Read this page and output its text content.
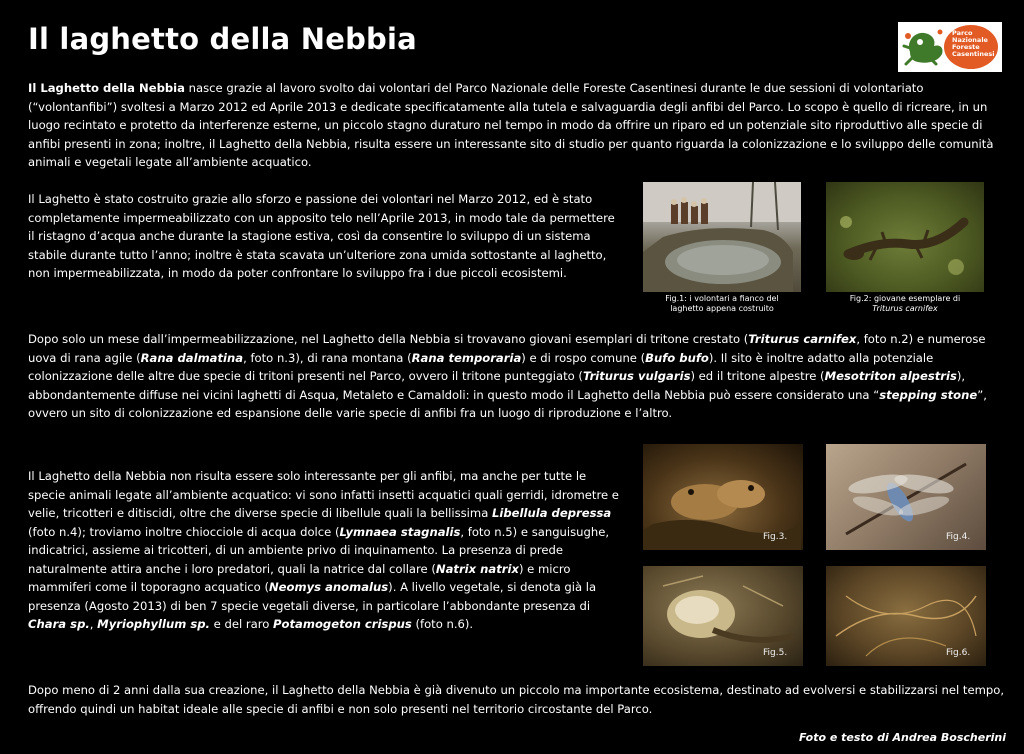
Il laghetto della Nebbia	Parco
Nazionale
Foreste
Casentinesi

Il Laghetto della Nebbia nasce grazie al lavoro svolto dai volontari del Parco Nazionale delle Foreste Casentinesi durante le due sessioni di volontariato (“volontanfibi”) svoltesi a Marzo 2012 ed Aprile 2013 e dedicate specificatamente alla tutela e salvaguardia degli anfibi del Parco. Lo scopo è quello di ricreare, in un luogo recintato e protetto da interferenze esterne, un piccolo stagno duraturo nel tempo in modo da offrire un riparo ed un potenziale sito riproduttivo alle specie di anfibi presenti in zona; inoltre, il Laghetto della Nebbia, risulta essere un interessante sito di studio per quanto riguarda la colonizzazione e lo sviluppo delle comunità animali e vegetali legate all’ambiente acquatico.

Il Laghetto è stato costruito grazie allo sforzo e passione dei volontari nel Marzo 2012, ed è stato completamente impermeabilizzato con un apposito telo nell’Aprile 2013, in modo tale da permettere il ristagno d’acqua anche durante la stagione estiva, così da consentire lo sviluppo di un sistema stabile durante tutto l’anno; inoltre è stata scavata un’ulteriore zona umida sottostante al laghetto, non impermeabilizzata, in modo da poter confrontare lo sviluppo fra i due piccoli ecosistemi.

Fig.1: i volontari a fianco del
laghetto appena costruito
Fig.2: giovane esemplare di
Triturus carnifex

Dopo solo un mese dall’impermeabilizzazione, nel Laghetto della Nebbia si trovavano giovani esemplari di tritone crestato (Triturus carnifex, foto n.2) e numerose uova di rana agile (Rana dalmatina, foto n.3), di rana montana (Rana temporaria) e di rospo comune (Bufo bufo). Il sito è inoltre adatto alla potenziale colonizzazione delle altre due specie di tritoni presenti nel Parco, ovvero il tritone punteggiato (Triturus vulgaris) ed il tritone alpestre (Mesotriton alpestris), abbondantemente diffuse nei vicini laghetti di Asqua, Metaleto e Camaldoli: in questo modo il Laghetto della Nebbia può essere considerato una “stepping stone”, ovvero un sito di colonizzazione ed espansione delle varie specie di anfibi fra un luogo di riproduzione e l’altro.

Il Laghetto della Nebbia non risulta essere solo interessante per gli anfibi, ma anche per tutte le specie animali legate all’ambiente acquatico: vi sono infatti insetti acquatici quali gerridi, idrometre e velie, tricotteri e ditiscidi, oltre che diverse specie di libellule quali la bellissima Libellula depressa (foto n.4); troviamo inoltre chiocciole di acqua dolce (Lymnaea stagnalis, foto n.5) e sanguisughe, indicatrici, assieme ai tricotteri, di un ambiente privo di inquinamento. La presenza di prede naturalmente attira anche i loro predatori, quali la natrice dal collare (Natrix natrix) e micro mammiferi come il toporagno acquatico (Neomys anomalus). A livello vegetale, si denota già la presenza (Agosto 2013) di ben 7 specie vegetali diverse, in particolare l’abbondante presenza di Chara sp., Myriophyllum sp. e del raro Potamogeton crispus (foto n.6).

Fig.3.	Fig.4.
Fig.5.	Fig.6.

Dopo meno di 2 anni dalla sua creazione, il Laghetto della Nebbia è già divenuto un piccolo ma importante ecosistema, destinato ad evolversi e stabilizzarsi nel tempo, offrendo quindi un habitat ideale alle specie di anfibi e non solo presenti nel territorio circostante del Parco.

Foto e testo di Andrea Boscherini
